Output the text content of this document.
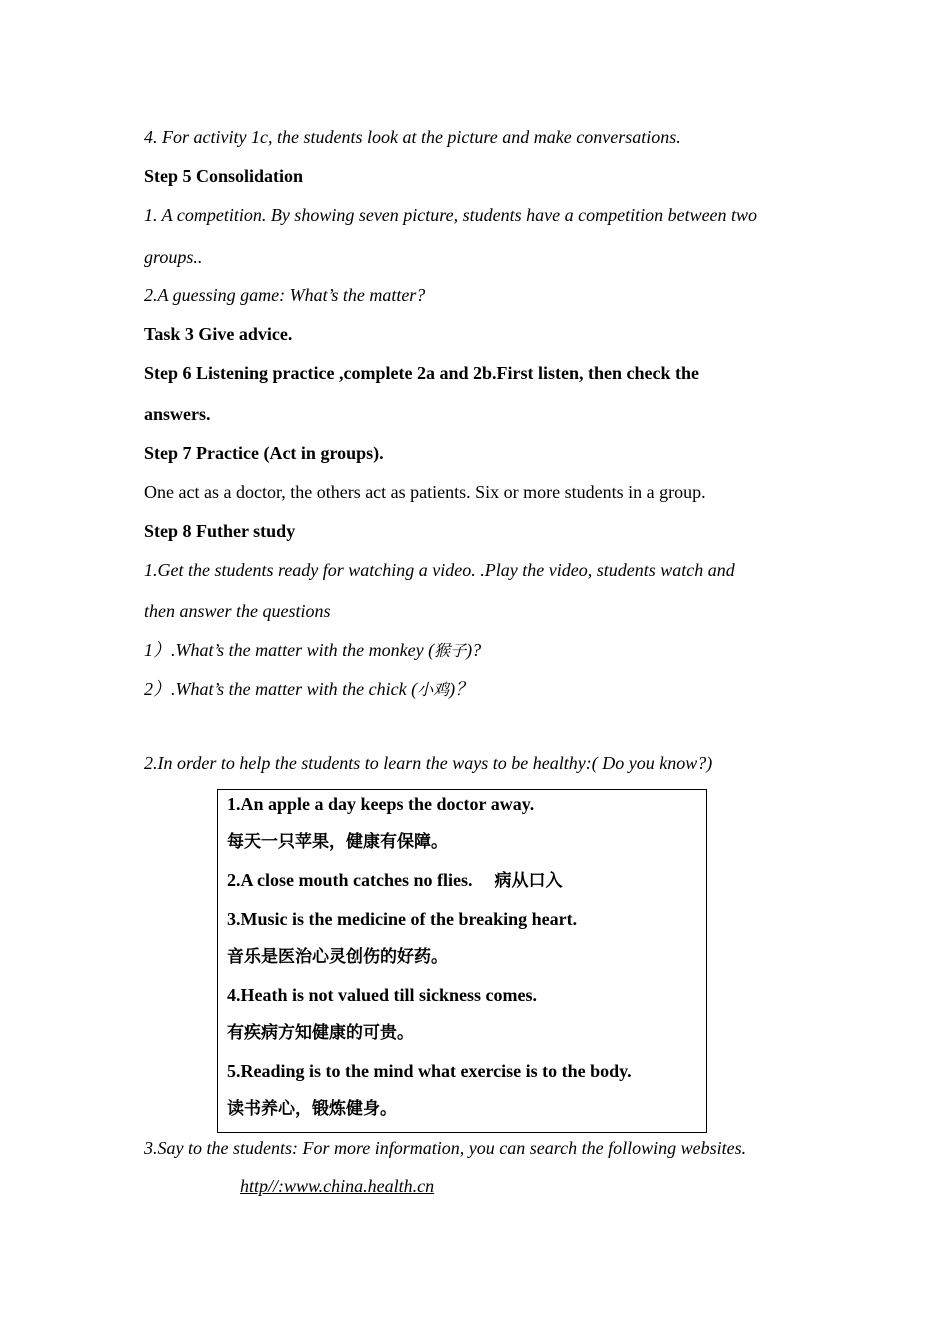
4. For activity 1c, the students look at the picture and make conversations.
Step 5 Consolidation
1. A competition. By showing seven picture, students have a competition between two
groups..
2.A guessing game: What’s the matter?
Task 3 Give advice.
Step 6 Listening practice ,complete 2a and 2b.First listen, then check the
answers.
Step 7 Practice (Act in groups).
One act as a doctor, the others act as patients. Six or more students in a group.
Step 8 Futher study
1.Get the students ready for watching a video. .Play the video, students watch and
then answer the questions
1）.What’s the matter with the monkey (猴子)?
2）.What’s the matter with the chick (小鸡)？
2.In order to help the students to learn the ways to be healthy:( Do you know?)
1.An apple a day keeps the doctor away.
每天一只苹果，健康有保障。
2.A close mouth catches no flies. 病从口入
3.Music is the medicine of the breaking heart.
音乐是医治心灵创伤的好药。
4.Heath is not valued till sickness comes.
有疾病方知健康的可贵。
5.Reading is to the mind what exercise is to the body.
读书养心，锻炼健身。
3.Say to the students: For more information, you can search the following websites.
http//:www.china.health.cn
